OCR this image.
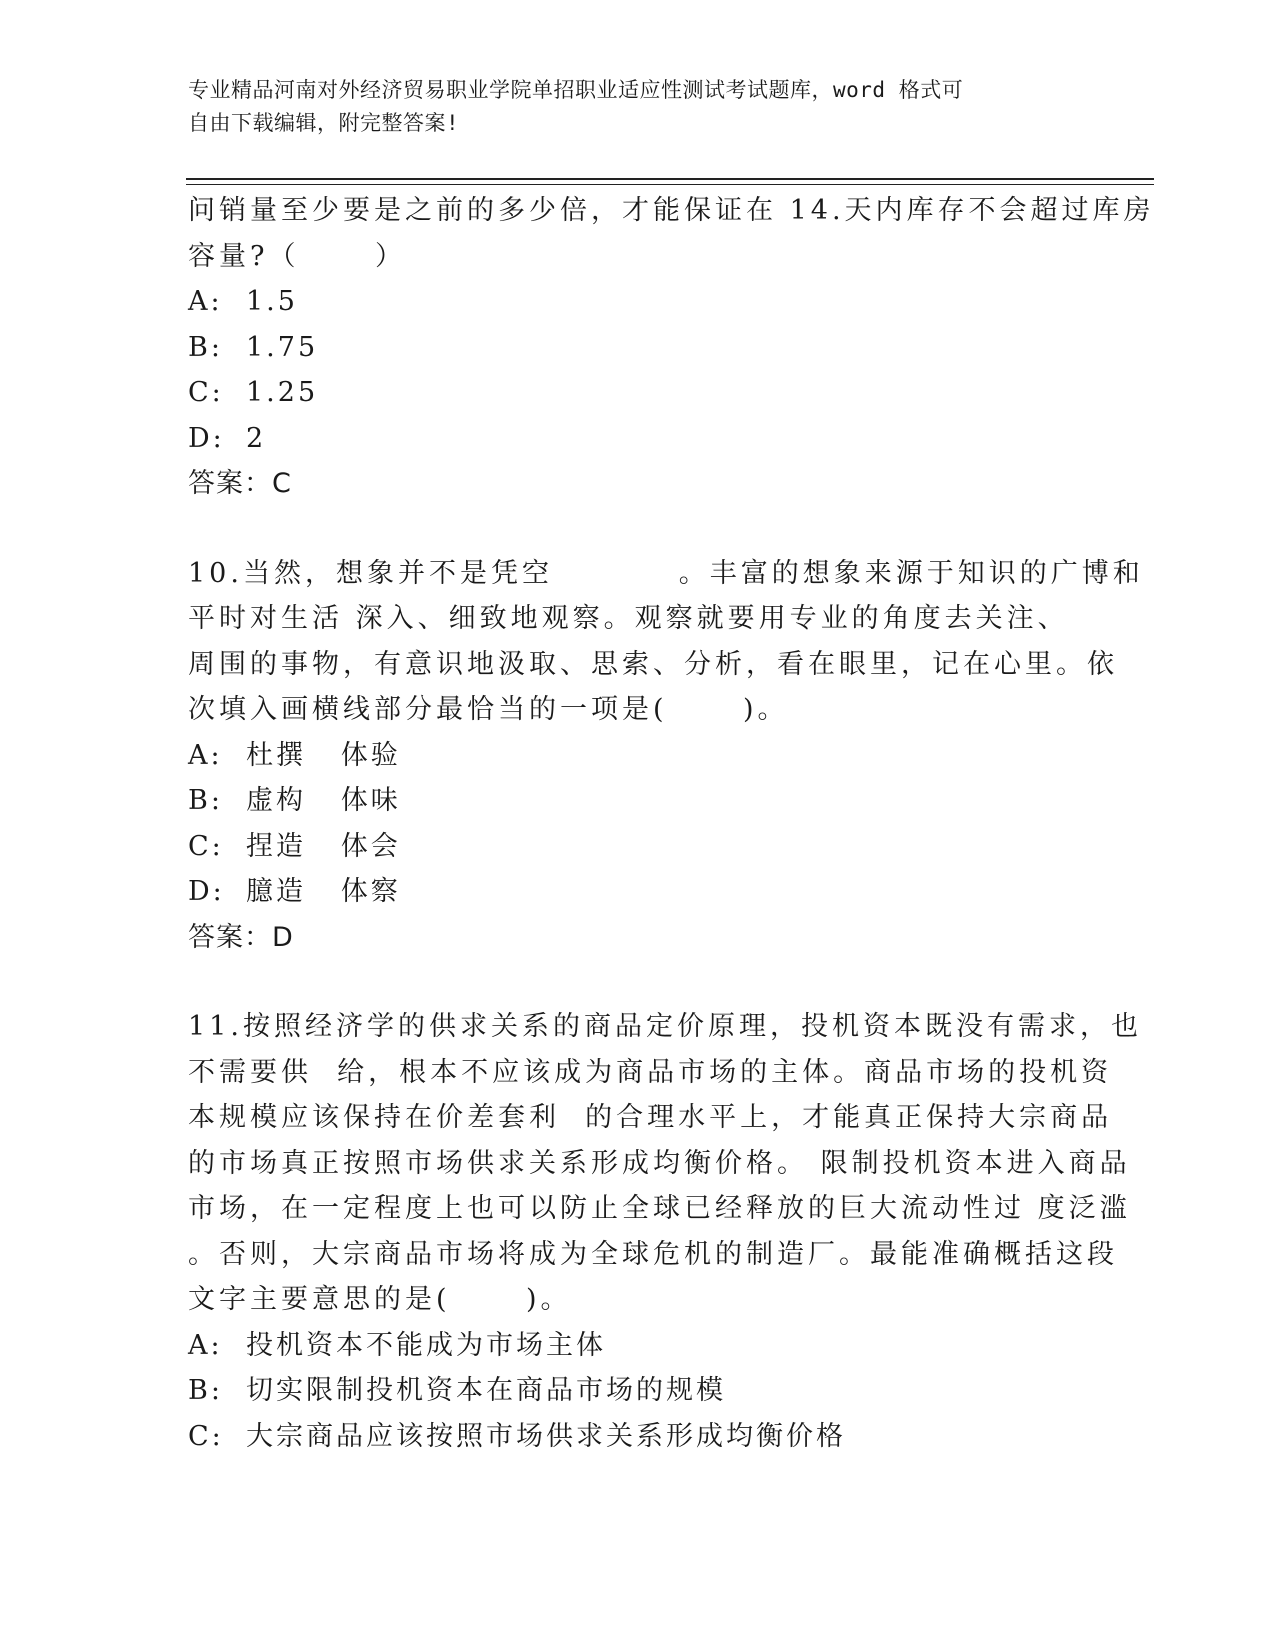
专业精品河南对外经济贸易职业学院单招职业适应性测试考试题库，word 格式可
自由下载编辑，附完整答案!
问销量至少要是之前的多少倍，才能保证在 14.天内库存不会超过库房
容量?（      ）
A: 1.5
B: 1.75
C: 1.25
D: 2
答案：C
10.当然，想象并不是凭空          。丰富的想象来源于知识的广博和
平时对生活 深入、细致地观察。观察就要用专业的角度去关注、
周围的事物，有意识地汲取、思索、分析，看在眼里，记在心里。依
次填入画横线部分最恰当的一项是(      )。
A: 杜撰   体验
B: 虚构   体味
C: 捏造   体会
D: 臆造   体察
答案：D
11.按照经济学的供求关系的商品定价原理，投机资本既没有需求，也
不需要供  给，根本不应该成为商品市场的主体。商品市场的投机资
本规模应该保持在价差套利  的合理水平上，才能真正保持大宗商品
的市场真正按照市场供求关系形成均衡价格。 限制投机资本进入商品
市场，在一定程度上也可以防止全球已经释放的巨大流动性过 度泛滥
。否则，大宗商品市场将成为全球危机的制造厂。最能准确概括这段
文字主要意思的是(      )。
A: 投机资本不能成为市场主体
B: 切实限制投机资本在商品市场的规模
C: 大宗商品应该按照市场供求关系形成均衡价格
